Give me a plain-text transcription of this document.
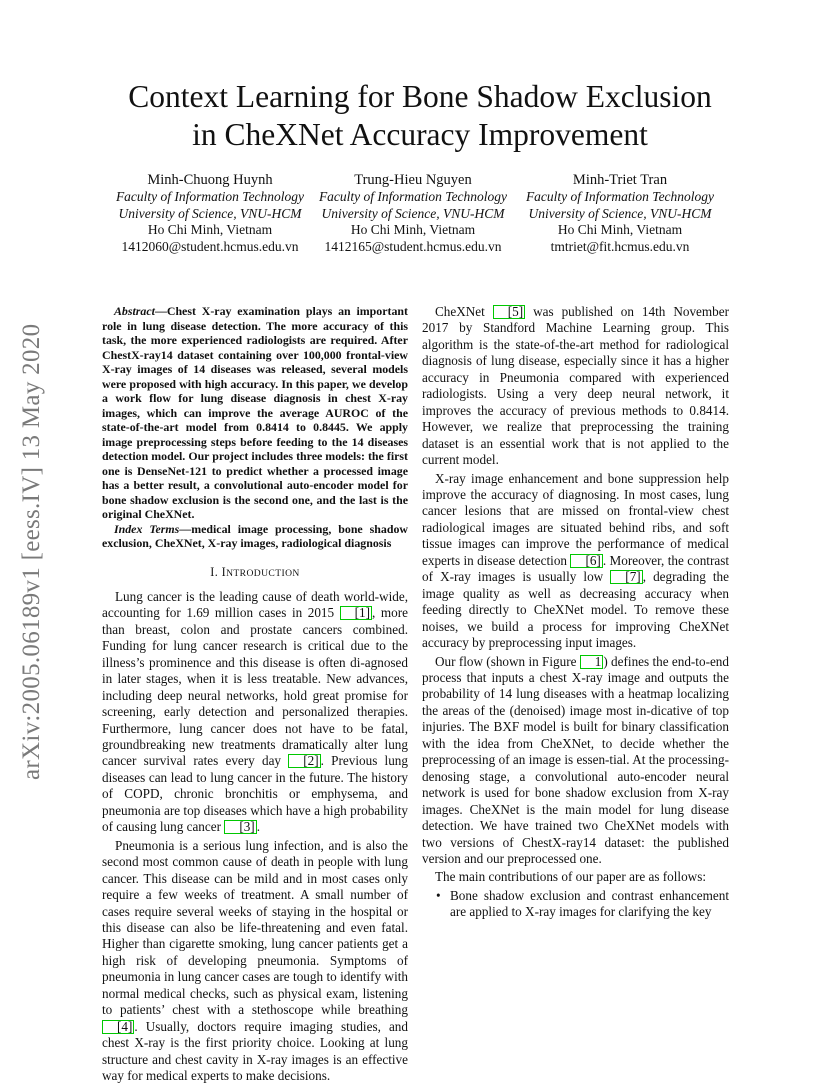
arXiv:2005.06189v1 [eess.IV] 13 May 2020
Context Learning for Bone Shadow Exclusion
in CheXNet Accuracy Improvement
Minh-Chuong Huynh
Faculty of Information Technology
University of Science, VNU-HCM
Ho Chi Minh, Vietnam
1412060@student.hcmus.edu.vn
Trung-Hieu Nguyen
Faculty of Information Technology
University of Science, VNU-HCM
Ho Chi Minh, Vietnam
1412165@student.hcmus.edu.vn
Minh-Triet Tran
Faculty of Information Technology
University of Science, VNU-HCM
Ho Chi Minh, Vietnam
tmtriet@fit.hcmus.edu.vn

Abstract—Chest X-ray examination plays an important role in lung disease detection. The more accuracy of this task, the more experienced radiologists are required. After ChestX-ray14 dataset containing over 100,000 frontal-view X-ray images of 14 diseases was released, several models were proposed with high accuracy. In this paper, we develop a work flow for lung disease diagnosis in chest X-ray images, which can improve the average AUROC of the state-of-the-art model from 0.8414 to 0.8445. We apply image preprocessing steps before feeding to the 14 diseases detection model. Our project includes three models: the first one is DenseNet-121 to predict whether a processed image has a better result, a convolutional auto-encoder model for bone shadow exclusion is the second one, and the last is the original CheXNet.

Index Terms—medical image processing, bone shadow exclusion, CheXNet, X-ray images, radiological diagnosis

I. INTRODUCTION

Lung cancer is the leading cause of death world-wide, accounting for 1.69 million cases in 2015 [1] , more than breast, colon and prostate cancers combined. Funding for lung cancer research is critical due to the illness’s prominence and this disease is often di-agnosed in later stages, when it is less treatable. New advances, including deep neural networks, hold great promise for screening, early detection and personalized therapies. Furthermore, lung cancer does not have to be fatal, groundbreaking new treatments dramatically alter lung cancer survival rates every day [2] . Previous lung diseases can lead to lung cancer in the future. The history of COPD, chronic bronchitis or emphysema, and pneumonia are top diseases which have a high probability of causing lung cancer [3] .

Pneumonia is a serious lung infection, and is also the second most common cause of death in people with lung cancer. This disease can be mild and in most cases only require a few weeks of treatment. A small number of cases require several weeks of staying in the hospital or this disease can also be life-threatening and even fatal. Higher than cigarette smoking, lung cancer patients get a high risk of developing pneumonia. Symptoms of pneumonia in lung cancer cases are tough to identify with normal medical checks, such as physical exam, listening to patients’ chest with a stethoscope while breathing [4] . Usually, doctors require imaging studies, and chest X-ray is the first priority choice. Looking at lung structure and chest cavity in X-ray images is an effective way for medical experts to make decisions.

CheXNet [5] was published on 14th November 2017 by Standford Machine Learning group. This algorithm is the state-of-the-art method for radiological diagnosis of lung disease, especially since it has a higher accuracy in Pneumonia compared with experienced radiologists. Using a very deep neural network, it improves the accuracy of previous methods to 0.8414. However, we realize that preprocessing the training dataset is an essential work that is not applied to the current model.

X-ray image enhancement and bone suppression help improve the accuracy of diagnosing. In most cases, lung cancer lesions that are missed on frontal-view chest radiological images are situated behind ribs, and soft tissue images can improve the performance of medical experts in disease detection [6] . Moreover, the contrast of X-ray images is usually low [7] , degrading the image quality as well as decreasing accuracy when feeding directly to CheXNet model. To remove these noises, we build a process for improving CheXNet accuracy by preprocessing input images.

Our flow (shown in Figure 1 ) defines the end-to-end process that inputs a chest X-ray image and outputs the probability of 14 lung diseases with a heatmap localizing the areas of the (denoised) image most in-dicative of top injuries. The BXF model is built for binary classification with the idea from CheXNet, to decide whether the preprocessing of an image is essen-tial. At the processing-denosing stage, a convolutional auto-encoder neural network is used for bone shadow exclusion from X-ray images. CheXNet is the main model for lung disease detection. We have trained two CheXNet models with two versions of ChestX-ray14 dataset: the published version and our preprocessed one.

The main contributions of our paper are as follows:

• Bone shadow exclusion and contrast enhancement are applied to X-ray images for clarifying the key
